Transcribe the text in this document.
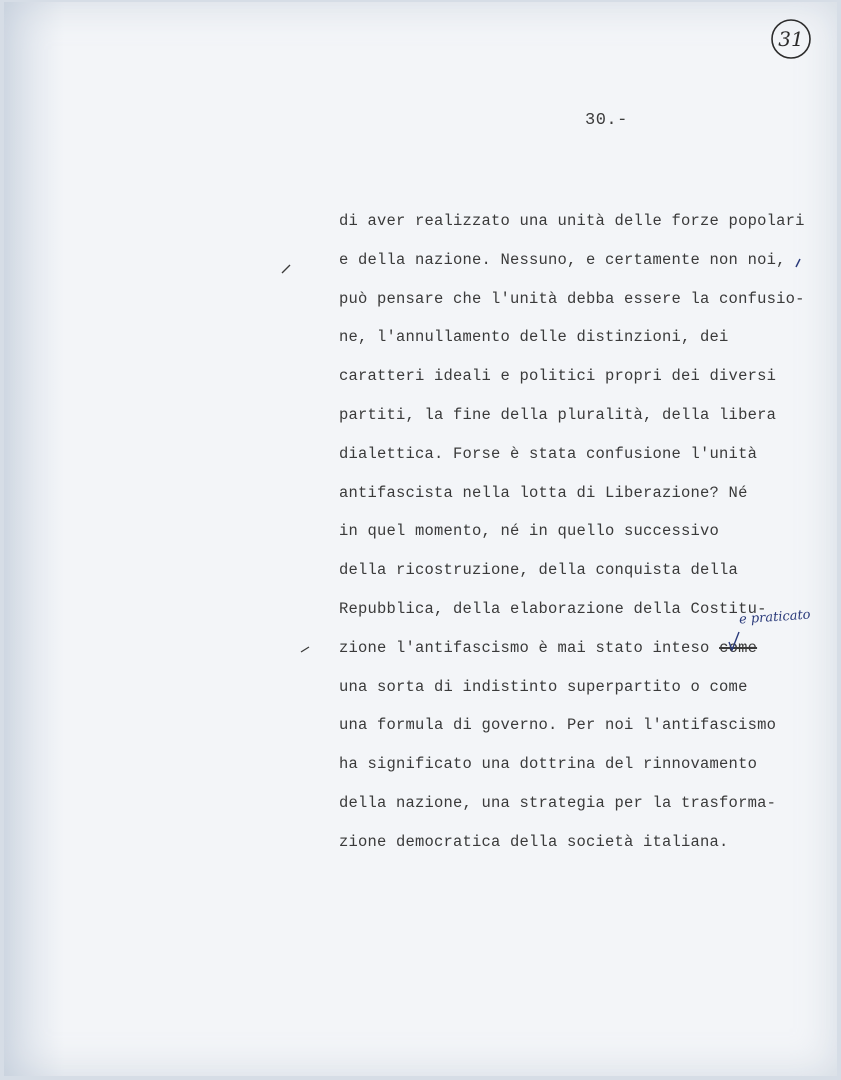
31
30.-
di aver realizzato una unità delle forze popolari
e della nazione. Nessuno, e certamente non noi,
può pensare che l'unità debba essere la confusio-
ne, l'annullamento delle distinzioni, dei
caratteri ideali e politici propri dei diversi
partiti, la fine della pluralità, della libera
dialettica. Forse è stata confusione l'unità
antifascista nella lotta di Liberazione? Né
in quel momento, né in quello successivo
della ricostruzione, della conquista della
Repubblica, della elaborazione della Costitu-
zione l'antifascismo è mai stato inteso come
una sorta di indistinto superpartito o come
una formula di governo. Per noi l'antifascismo
ha significato una dottrina del rinnovamento
della nazione, una strategia per la trasforma-
zione democratica della società italiana.
e praticato
